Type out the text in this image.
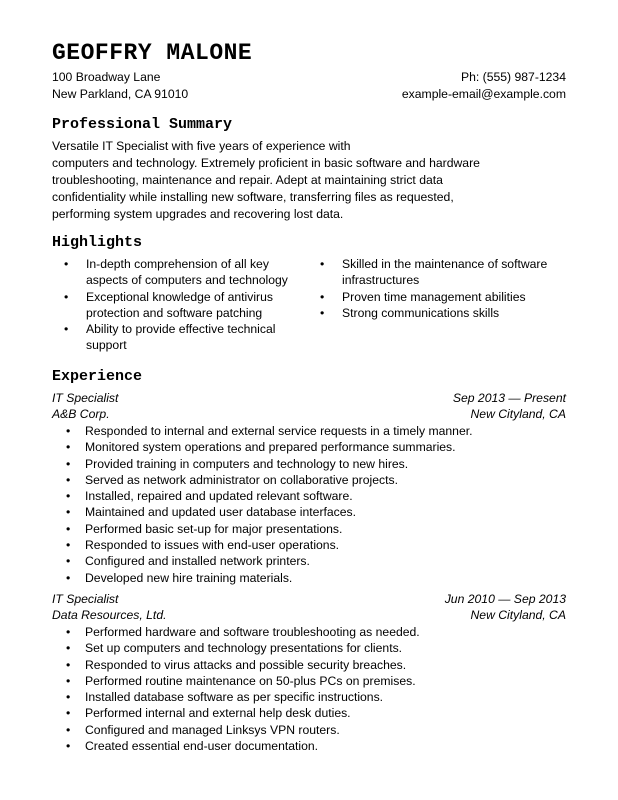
GEOFFRY MALONE
100 Broadway Lane	Ph: (555) 987-1234
New Parkland, CA 91010	example-email@example.com
Professional Summary

Versatile IT Specialist with five years of experience with
computers and technology. Extremely proficient in basic software and hardware
troubleshooting, maintenance and repair. Adept at maintaining strict data
confidentiality while installing new software, transferring files as requested,
performing system upgrades and recovering lost data.

Highlights
• In-depth comprehension of all key
aspects of computers and technology
• Exceptional knowledge of antivirus
protection and software patching
• Ability to provide effective technical
support
• Skilled in the maintenance of software
infrastructures
• Proven time management abilities
• Strong communications skills
Experience
IT Specialist	Sep 2013 — Present
A&B Corp.	New Cityland, CA
• Responded to internal and external service requests in a timely manner.
• Monitored system operations and prepared performance summaries.
• Provided training in computers and technology to new hires.
• Served as network administrator on collaborative projects.
• Installed, repaired and updated relevant software.
• Maintained and updated user database interfaces.
• Performed basic set-up for major presentations.
• Responded to issues with end-user operations.
• Configured and installed network printers.
• Developed new hire training materials.
IT Specialist	Jun 2010 — Sep 2013
Data Resources, Ltd.	New Cityland, CA
• Performed hardware and software troubleshooting as needed.
• Set up computers and technology presentations for clients.
• Responded to virus attacks and possible security breaches.
• Performed routine maintenance on 50-plus PCs on premises.
• Installed database software as per specific instructions.
• Performed internal and external help desk duties.
• Configured and managed Linksys VPN routers.
• Created essential end-user documentation.
